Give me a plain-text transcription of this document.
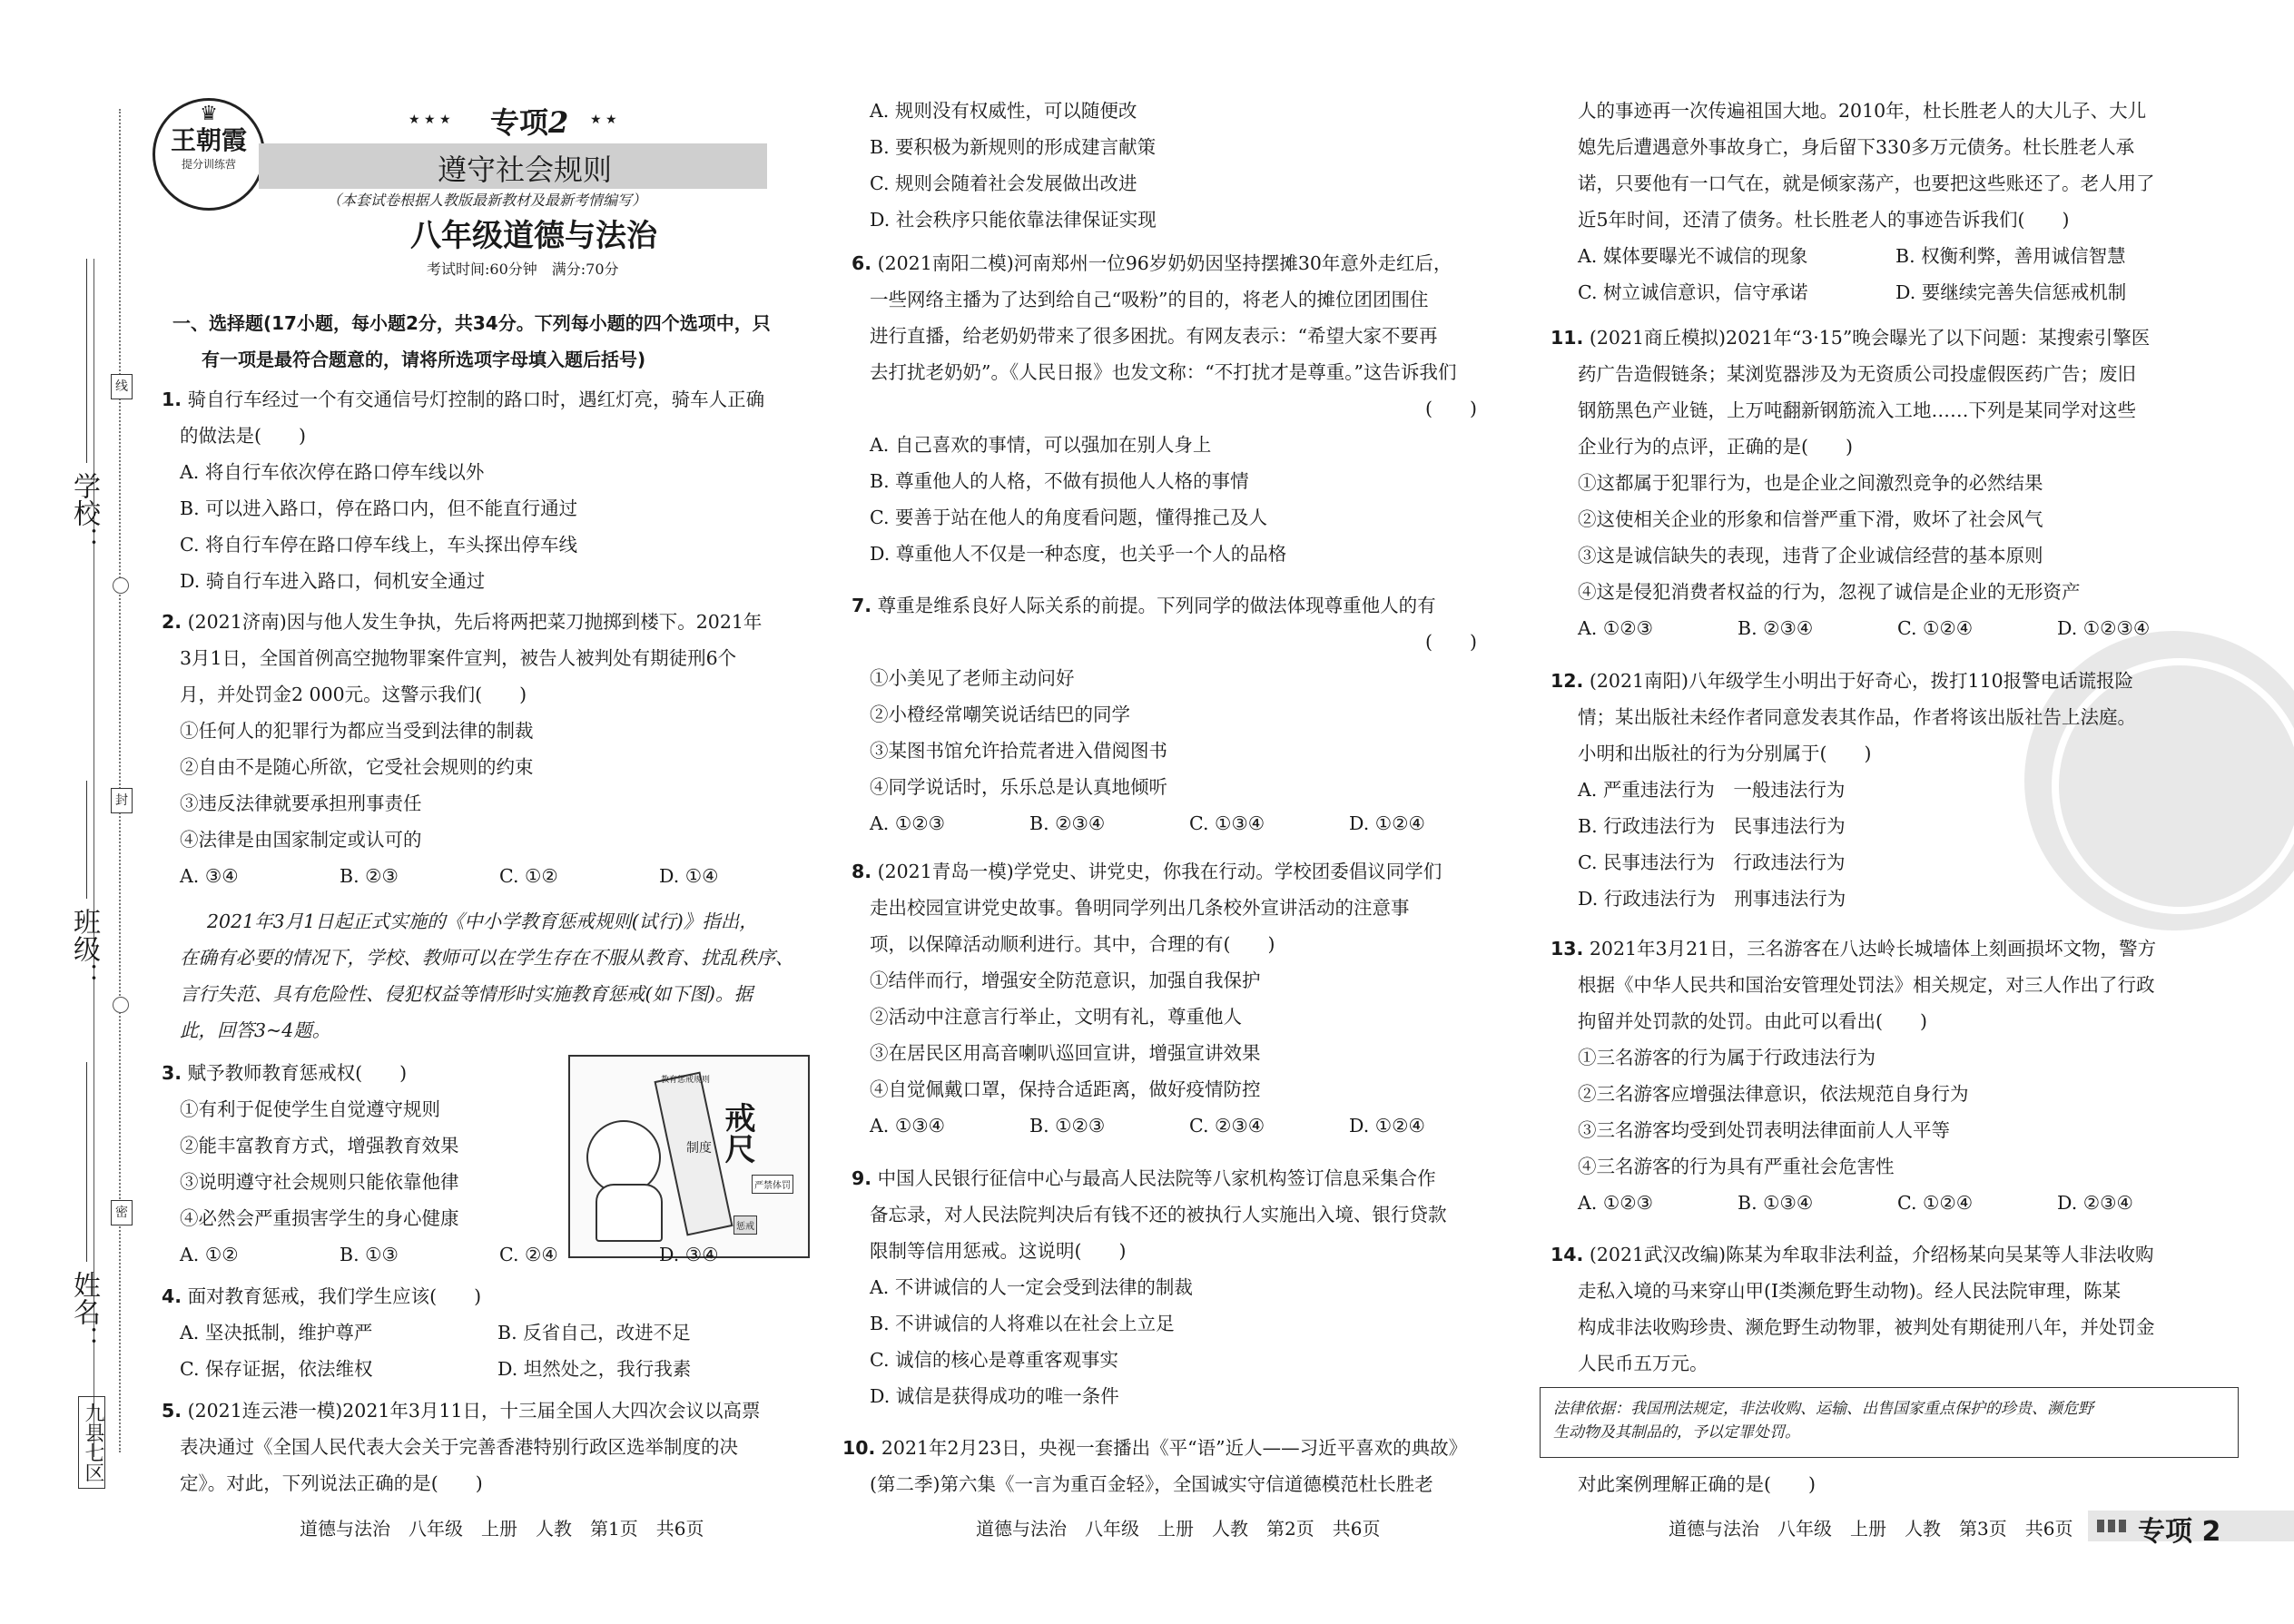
学校：
班级：
姓名：
线
封
密
九县七区
♛
王朝霞
提分训练营
★ ★ ★ 专项2 ★ ★
遵守社会规则
（本套试卷根据人教版最新教材及最新考情编写）
八年级道德与法治
考试时间:60分钟　满分:70分
一、选择题(17小题，每小题2分，共34分。下列每小题的四个选项中，只
有一项是最符合题意的，请将所选项字母填入题后括号)
1. 骑自行车经过一个有交通信号灯控制的路口时，遇红灯亮，骑车人正确
的做法是(　　)
A. 将自行车依次停在路口停车线以外
B. 可以进入路口，停在路口内，但不能直行通过
C. 将自行车停在路口停车线上，车头探出停车线
D. 骑自行车进入路口，伺机安全通过
2. (2021济南)因与他人发生争执，先后将两把菜刀抛掷到楼下。2021年
3月1日，全国首例高空抛物罪案件宣判，被告人被判处有期徒刑6个
月，并处罚金2 000元。这警示我们(　　)
①任何人的犯罪行为都应当受到法律的制裁
②自由不是随心所欲，它受社会规则的约束
③违反法律就要承担刑事责任
④法律是由国家制定或认可的
A. ③④	B. ②③	C. ①②	D. ①④
2021年3月1日起正式实施的《中小学教育惩戒规则(试行)》指出，
在确有必要的情况下，学校、教师可以在学生存在不服从教育、扰乱秩序、
言行失范、具有危险性、侵犯权益等情形时实施教育惩戒(如下图)。据
此，回答3~4题。
戒尺
教育惩戒规则
制度
严禁体罚
惩戒
3. 赋予教师教育惩戒权(　　)
①有利于促使学生自觉遵守规则
②能丰富教育方式，增强教育效果
③说明遵守社会规则只能依靠他律
④必然会严重损害学生的身心健康
A. ①②	B. ①③	C. ②④	D. ③④
4. 面对教育惩戒，我们学生应该(　　)
A. 坚决抵制，维护尊严	B. 反省自己，改进不足
C. 保存证据，依法维权	D. 坦然处之，我行我素
5. (2021连云港一模)2021年3月11日，十三届全国人大四次会议以高票
表决通过《全国人民代表大会关于完善香港特别行政区选举制度的决
定》。对此，下列说法正确的是(　　)
A. 规则没有权威性，可以随便改
B. 要积极为新规则的形成建言献策
C. 规则会随着社会发展做出改进
D. 社会秩序只能依靠法律保证实现
6. (2021南阳二模)河南郑州一位96岁奶奶因坚持摆摊30年意外走红后，
一些网络主播为了达到给自己“吸粉”的目的，将老人的摊位团团围住
进行直播，给老奶奶带来了很多困扰。有网友表示：“希望大家不要再
去打扰老奶奶”。《人民日报》也发文称：“不打扰才是尊重。”这告诉我们
(　　)
A. 自己喜欢的事情，可以强加在别人身上
B. 尊重他人的人格，不做有损他人人格的事情
C. 要善于站在他人的角度看问题，懂得推己及人
D. 尊重他人不仅是一种态度，也关乎一个人的品格
7. 尊重是维系良好人际关系的前提。下列同学的做法体现尊重他人的有
(　　)
①小美见了老师主动问好
②小橙经常嘲笑说话结巴的同学
③某图书馆允许拾荒者进入借阅图书
④同学说话时，乐乐总是认真地倾听
A. ①②③	B. ②③④	C. ①③④	D. ①②④
8. (2021青岛一模)学党史、讲党史，你我在行动。学校团委倡议同学们
走出校园宣讲党史故事。鲁明同学列出几条校外宣讲活动的注意事
项，以保障活动顺利进行。其中，合理的有(　　)
①结伴而行，增强安全防范意识，加强自我保护
②活动中注意言行举止，文明有礼，尊重他人
③在居民区用高音喇叭巡回宣讲，增强宣讲效果
④自觉佩戴口罩，保持合适距离，做好疫情防控
A. ①③④	B. ①②③	C. ②③④	D. ①②④
9. 中国人民银行征信中心与最高人民法院等八家机构签订信息采集合作
备忘录，对人民法院判决后有钱不还的被执行人实施出入境、银行贷款
限制等信用惩戒。这说明(　　)
A. 不讲诚信的人一定会受到法律的制裁
B. 不讲诚信的人将难以在社会上立足
C. 诚信的核心是尊重客观事实
D. 诚信是获得成功的唯一条件
10. 2021年2月23日，央视一套播出《平“语”近人——习近平喜欢的典故》
(第二季)第六集《一言为重百金轻》，全国诚实守信道德模范杜长胜老
人的事迹再一次传遍祖国大地。2010年，杜长胜老人的大儿子、大儿
媳先后遭遇意外事故身亡，身后留下330多万元债务。杜长胜老人承
诺，只要他有一口气在，就是倾家荡产，也要把这些账还了。老人用了
近5年时间，还清了债务。杜长胜老人的事迹告诉我们(　　)
A. 媒体要曝光不诚信的现象	B. 权衡利弊，善用诚信智慧
C. 树立诚信意识，信守承诺	D. 要继续完善失信惩戒机制
11. (2021商丘模拟)2021年“3·15”晚会曝光了以下问题：某搜索引擎医
药广告造假链条；某浏览器涉及为无资质公司投虚假医药广告；废旧
钢筋黑色产业链，上万吨翻新钢筋流入工地……下列是某同学对这些
企业行为的点评，正确的是(　　)
①这都属于犯罪行为，也是企业之间激烈竞争的必然结果
②这使相关企业的形象和信誉严重下滑，败坏了社会风气
③这是诚信缺失的表现，违背了企业诚信经营的基本原则
④这是侵犯消费者权益的行为，忽视了诚信是企业的无形资产
A. ①②③	B. ②③④	C. ①②④	D. ①②③④
12. (2021南阳)八年级学生小明出于好奇心，拨打110报警电话谎报险
情；某出版社未经作者同意发表其作品，作者将该出版社告上法庭。
小明和出版社的行为分别属于(　　)
A. 严重违法行为　一般违法行为
B. 行政违法行为　民事违法行为
C. 民事违法行为　行政违法行为
D. 行政违法行为　刑事违法行为
13. 2021年3月21日，三名游客在八达岭长城墙体上刻画损坏文物，警方
根据《中华人民共和国治安管理处罚法》相关规定，对三人作出了行政
拘留并处罚款的处罚。由此可以看出(　　)
①三名游客的行为属于行政违法行为
②三名游客应增强法律意识，依法规范自身行为
③三名游客均受到处罚表明法律面前人人平等
④三名游客的行为具有严重社会危害性
A. ①②③	B. ①③④	C. ①②④	D. ②③④
14. (2021武汉改编)陈某为牟取非法利益，介绍杨某向吴某等人非法收购
走私入境的马来穿山甲(Ⅰ类濒危野生动物)。经人民法院审理，陈某
构成非法收购珍贵、濒危野生动物罪，被判处有期徒刑八年，并处罚金
人民币五万元。
法律依据：我国刑法规定，非法收购、运输、出售国家重点保护的珍贵、濒危野
生动物及其制品的，予以定罪处罚。
对此案例理解正确的是(　　)
道德与法治　八年级　上册　人教　第1页　共6页	道德与法治　八年级　上册　人教　第2页　共6页	道德与法治　八年级　上册　人教　第3页　共6页 专项 2
